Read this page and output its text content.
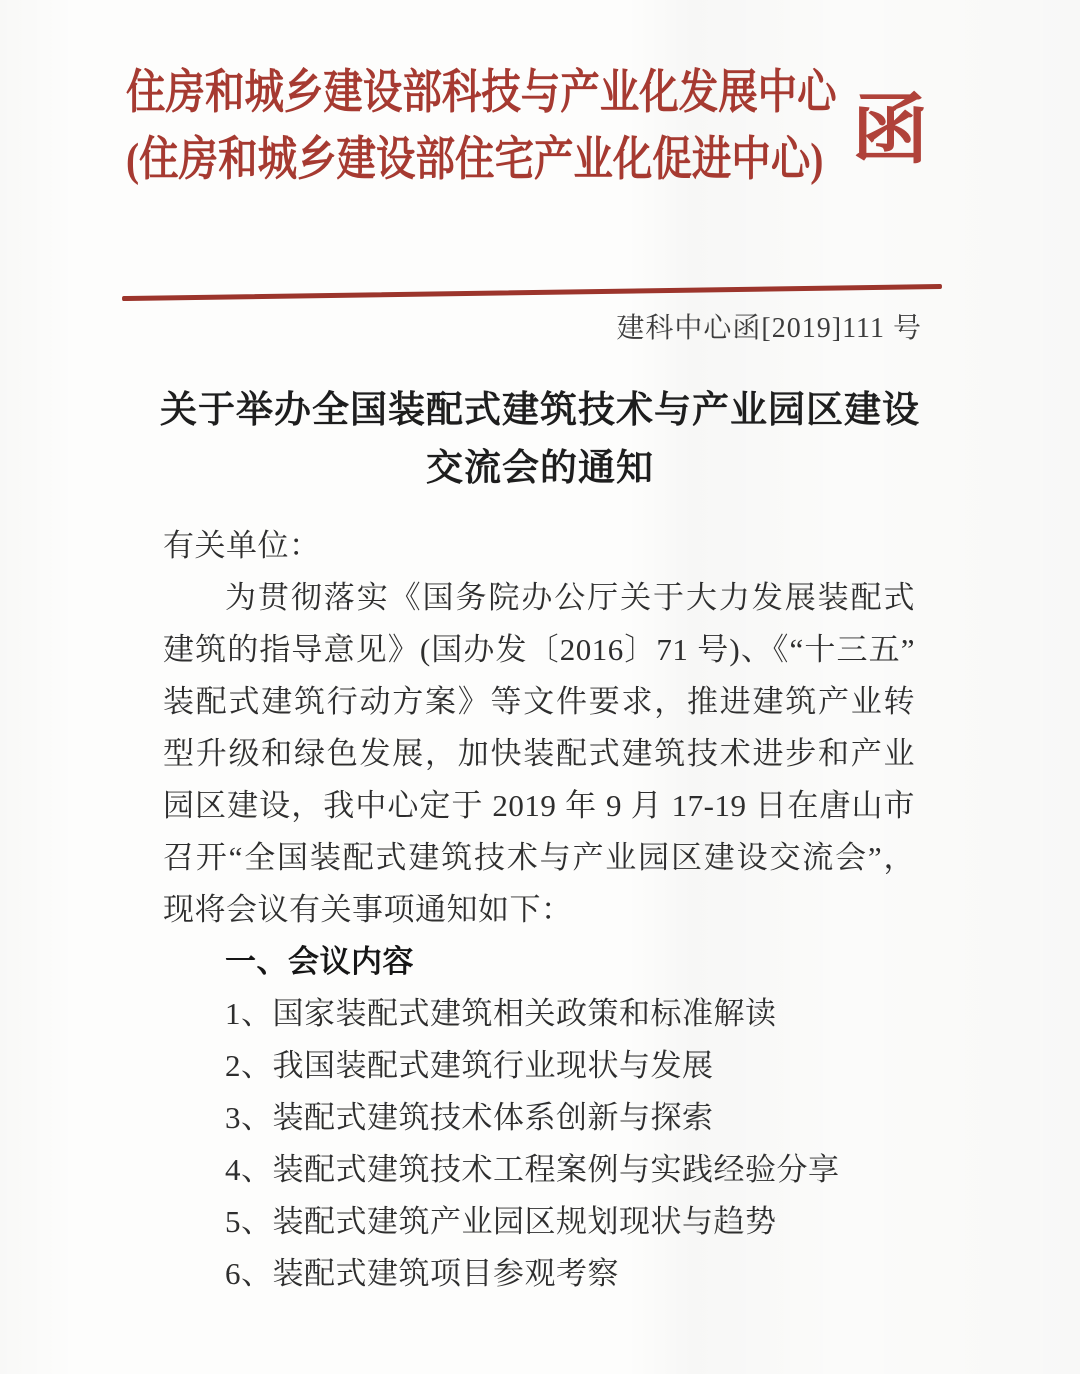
住房和城乡建设部科技与产业化发展中心
(住房和城乡建设部住宅产业化促进中心) 函
建科中心函[2019]111 号
关于举办全国装配式建筑技术与产业园区建设
交流会的通知
有关单位：
为贯彻落实《国务院办公厅关于大力发展装配式建筑的指导意见》(国办发〔2016〕71 号)、《“十三五”装配式建筑行动方案》等文件要求，推进建筑产业转型升级和绿色发展，加快装配式建筑技术进步和产业园区建设，我中心定于 2019 年 9 月 17-19 日在唐山市召开“全国装配式建筑技术与产业园区建设交流会”，现将会议有关事项通知如下：
一、会议内容
1、国家装配式建筑相关政策和标准解读
2、我国装配式建筑行业现状与发展
3、装配式建筑技术体系创新与探索
4、装配式建筑技术工程案例与实践经验分享
5、装配式建筑产业园区规划现状与趋势
6、装配式建筑项目参观考察
